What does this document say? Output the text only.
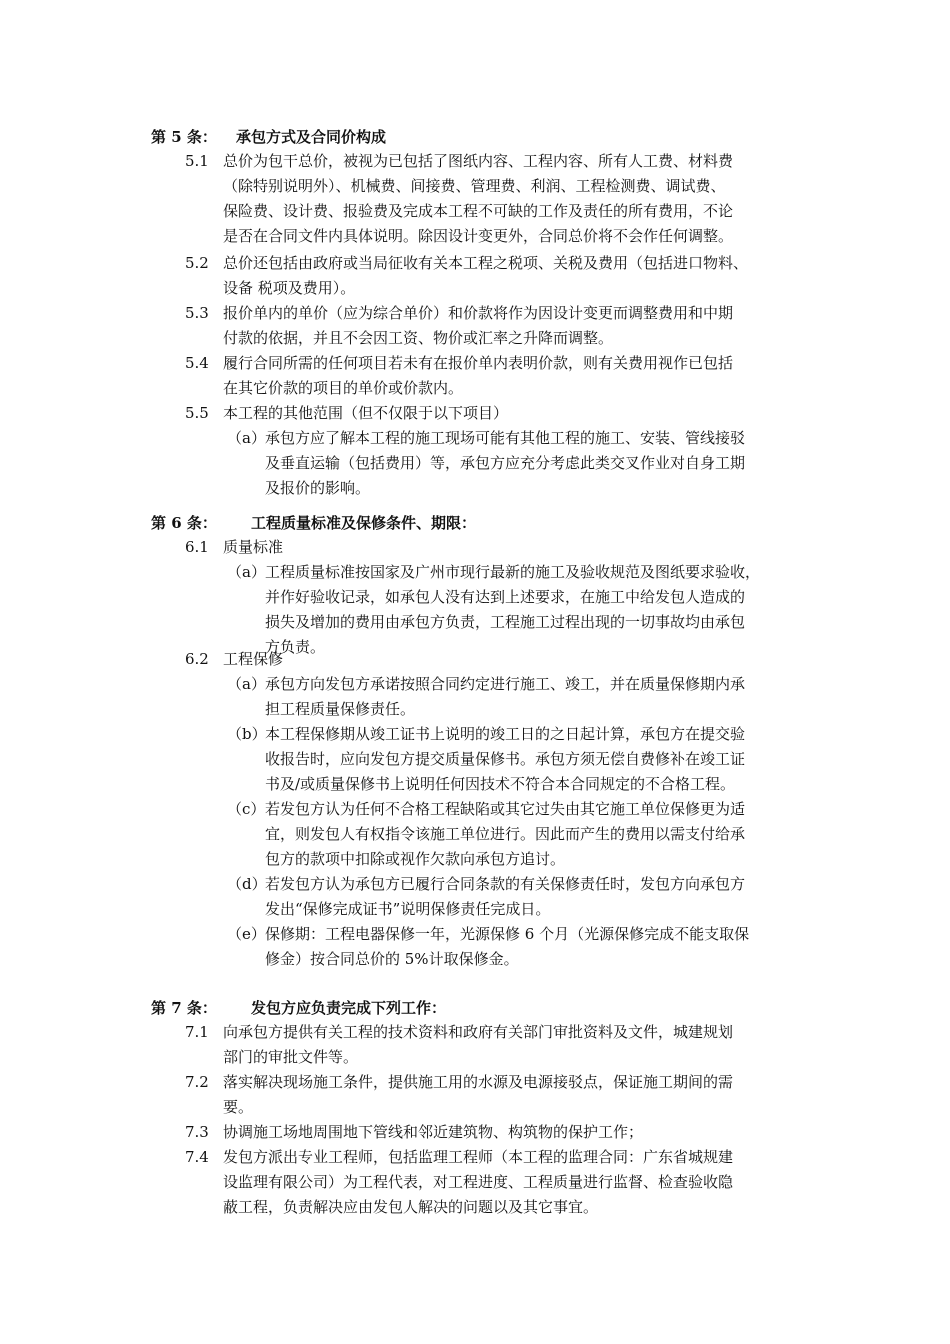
第 5 条： 承包方式及合同价构成
5.1 总价为包干总价，被视为已包括了图纸内容、工程内容、所有人工费、材料费
（除特别说明外）、机械费、间接费、管理费、利润、工程检测费、调试费、
保险费、设计费、报验费及完成本工程不可缺的工作及责任的所有费用，不论
是否在合同文件内具体说明。除因设计变更外，合同总价将不会作任何调整。
5.2 总价还包括由政府或当局征收有关本工程之税项、关税及费用（包括进口物料、
设备 税项及费用）。
5.3 报价单内的单价（应为综合单价）和价款将作为因设计变更而调整费用和中期
付款的依据，并且不会因工资、物价或汇率之升降而调整。
5.4 履行合同所需的任何项目若未有在报价单内表明价款，则有关费用视作已包括
在其它价款的项目的单价或价款内。
5.5 本工程的其他范围（但不仅限于以下项目）
（a） 承包方应了解本工程的施工现场可能有其他工程的施工、安装、管线接驳
及垂直运输（包括费用）等，承包方应充分考虑此类交叉作业对自身工期
及报价的影响。
第 6 条： 工程质量标准及保修条件、期限：
6.1 质量标准
（a） 工程质量标准按国家及广州市现行最新的施工及验收规范及图纸要求验收，
并作好验收记录，如承包人没有达到上述要求，在施工中给发包人造成的
损失及增加的费用由承包方负责，工程施工过程出现的一切事故均由承包
方负责。
6.2 工程保修
（a） 承包方向发包方承诺按照合同约定进行施工、竣工，并在质量保修期内承
担工程质量保修责任。
（b）
本工程保修期从竣工证书上说明的竣工日的之日起计算，承包方在提交验
收报告时，应向发包方提交质量保修书。承包方须无偿自费修补在竣工证
书及/或质量保修书上说明任何因技术不符合本合同规定的不合格工程。
（c） 若发包方认为任何不合格工程缺陷或其它过失由其它施工单位保修更为适
宜，则发包人有权指令该施工单位进行。因此而产生的费用以需支付给承
包方的款项中扣除或视作欠款向承包方追讨。
（d）
若发包方认为承包方已履行合同条款的有关保修责任时，发包方向承包方
发出“保修完成证书”说明保修责任完成日。
（e） 保修期：工程电器保修一年，光源保修 6 个月（光源保修完成不能支取保
修金）按合同总价的 5%计取保修金。
第 7 条： 发包方应负责完成下列工作：
7.1 向承包方提供有关工程的技术资料和政府有关部门审批资料及文件，城建规划
部门的审批文件等。
7.2 落实解决现场施工条件，提供施工用的水源及电源接驳点，保证施工期间的需
要。
7.3 协调施工场地周围地下管线和邻近建筑物、构筑物的保护工作；
7.4 发包方派出专业工程师，包括监理工程师（本工程的监理合同：广东省城规建
设监理有限公司）为工程代表，对工程进度、工程质量进行监督、检查验收隐
蔽工程，负责解决应由发包人解决的问题以及其它事宜。
